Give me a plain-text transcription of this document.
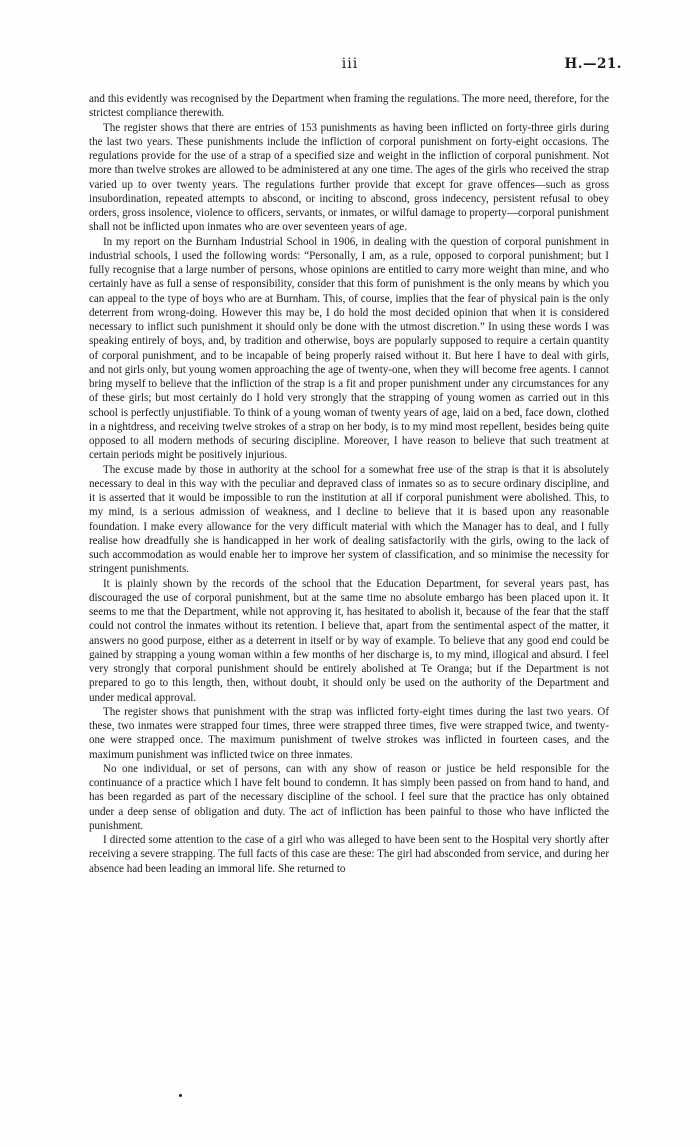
iii	H.—21.

and this evidently was recognised by the Department when framing the regulations. The more need, therefore, for the strictest compliance therewith.

The register shows that there are entries of 153 punishments as having been inflicted on forty-three girls during the last two years. These punishments include the infliction of corporal punishment on forty-eight occasions. The regulations provide for the use of a strap of a specified size and weight in the infliction of corporal punishment. Not more than twelve strokes are allowed to be administered at any one time. The ages of the girls who received the strap varied up to over twenty years. The regulations further provide that except for grave offences—such as gross insubordination, repeated attempts to abscond, or inciting to abscond, gross indecency, persistent refusal to obey orders, gross insolence, violence to officers, servants, or inmates, or wilful damage to property—corporal punishment shall not be inflicted upon inmates who are over seventeen years of age.

In my report on the Burnham Industrial School in 1906, in dealing with the question of corporal punishment in industrial schools, I used the following words: “Personally, I am, as a rule, opposed to corporal punishment; but I fully recognise that a large number of persons, whose opinions are entitled to carry more weight than mine, and who certainly have as full a sense of responsibility, consider that this form of punishment is the only means by which you can appeal to the type of boys who are at Burnham. This, of course, implies that the fear of physical pain is the only deterrent from wrong-doing. However this may be, I do hold the most decided opinion that when it is considered necessary to inflict such punishment it should only be done with the utmost discretion.” In using these words I was speaking entirely of boys, and, by tradition and otherwise, boys are popularly supposed to require a certain quantity of corporal punishment, and to be incapable of being properly raised without it. But here I have to deal with girls, and not girls only, but young women approaching the age of twenty-one, when they will become free agents. I cannot bring myself to believe that the infliction of the strap is a fit and proper punishment under any circumstances for any of these girls; but most certainly do I hold very strongly that the strapping of young women as carried out in this school is perfectly unjustifiable. To think of a young woman of twenty years of age, laid on a bed, face down, clothed in a nightdress, and receiving twelve strokes of a strap on her body, is to my mind most repellent, besides being quite opposed to all modern methods of securing discipline. Moreover, I have reason to believe that such treatment at certain periods might be positively injurious.

The excuse made by those in authority at the school for a somewhat free use of the strap is that it is absolutely necessary to deal in this way with the peculiar and depraved class of inmates so as to secure ordinary discipline, and it is asserted that it would be impossible to run the institution at all if corporal punishment were abolished. This, to my mind, is a serious admission of weakness, and I decline to believe that it is based upon any reasonable foundation. I make every allowance for the very difficult material with which the Manager has to deal, and I fully realise how dreadfully she is handicapped in her work of dealing satisfactorily with the girls, owing to the lack of such accommodation as would enable her to improve her system of classification, and so minimise the necessity for stringent punishments.

It is plainly shown by the records of the school that the Education Department, for several years past, has discouraged the use of corporal punishment, but at the same time no absolute embargo has been placed upon it. It seems to me that the Department, while not approving it, has hesitated to abolish it, because of the fear that the staff could not control the inmates without its retention. I believe that, apart from the sentimental aspect of the matter, it answers no good purpose, either as a deterrent in itself or by way of example. To believe that any good end could be gained by strapping a young woman within a few months of her discharge is, to my mind, illogical and absurd. I feel very strongly that corporal punishment should be entirely abolished at Te Oranga; but if the Department is not prepared to go to this length, then, without doubt, it should only be used on the authority of the Department and under medical approval.

The register shows that punishment with the strap was inflicted forty-eight times during the last two years. Of these, two inmates were strapped four times, three were strapped three times, five were strapped twice, and twenty-one were strapped once. The maximum punishment of twelve strokes was inflicted in fourteen cases, and the maximum punishment was inflicted twice on three inmates.

No one individual, or set of persons, can with any show of reason or justice be held responsible for the continuance of a practice which I have felt bound to condemn. It has simply been passed on from hand to hand, and has been regarded as part of the necessary discipline of the school. I feel sure that the practice has only obtained under a deep sense of obligation and duty. The act of infliction has been painful to those who have inflicted the punishment.

I directed some attention to the case of a girl who was alleged to have been sent to the Hospital very shortly after receiving a severe strapping. The full facts of this case are these: The girl had absconded from service, and during her absence had been leading an immoral life. She returned to
